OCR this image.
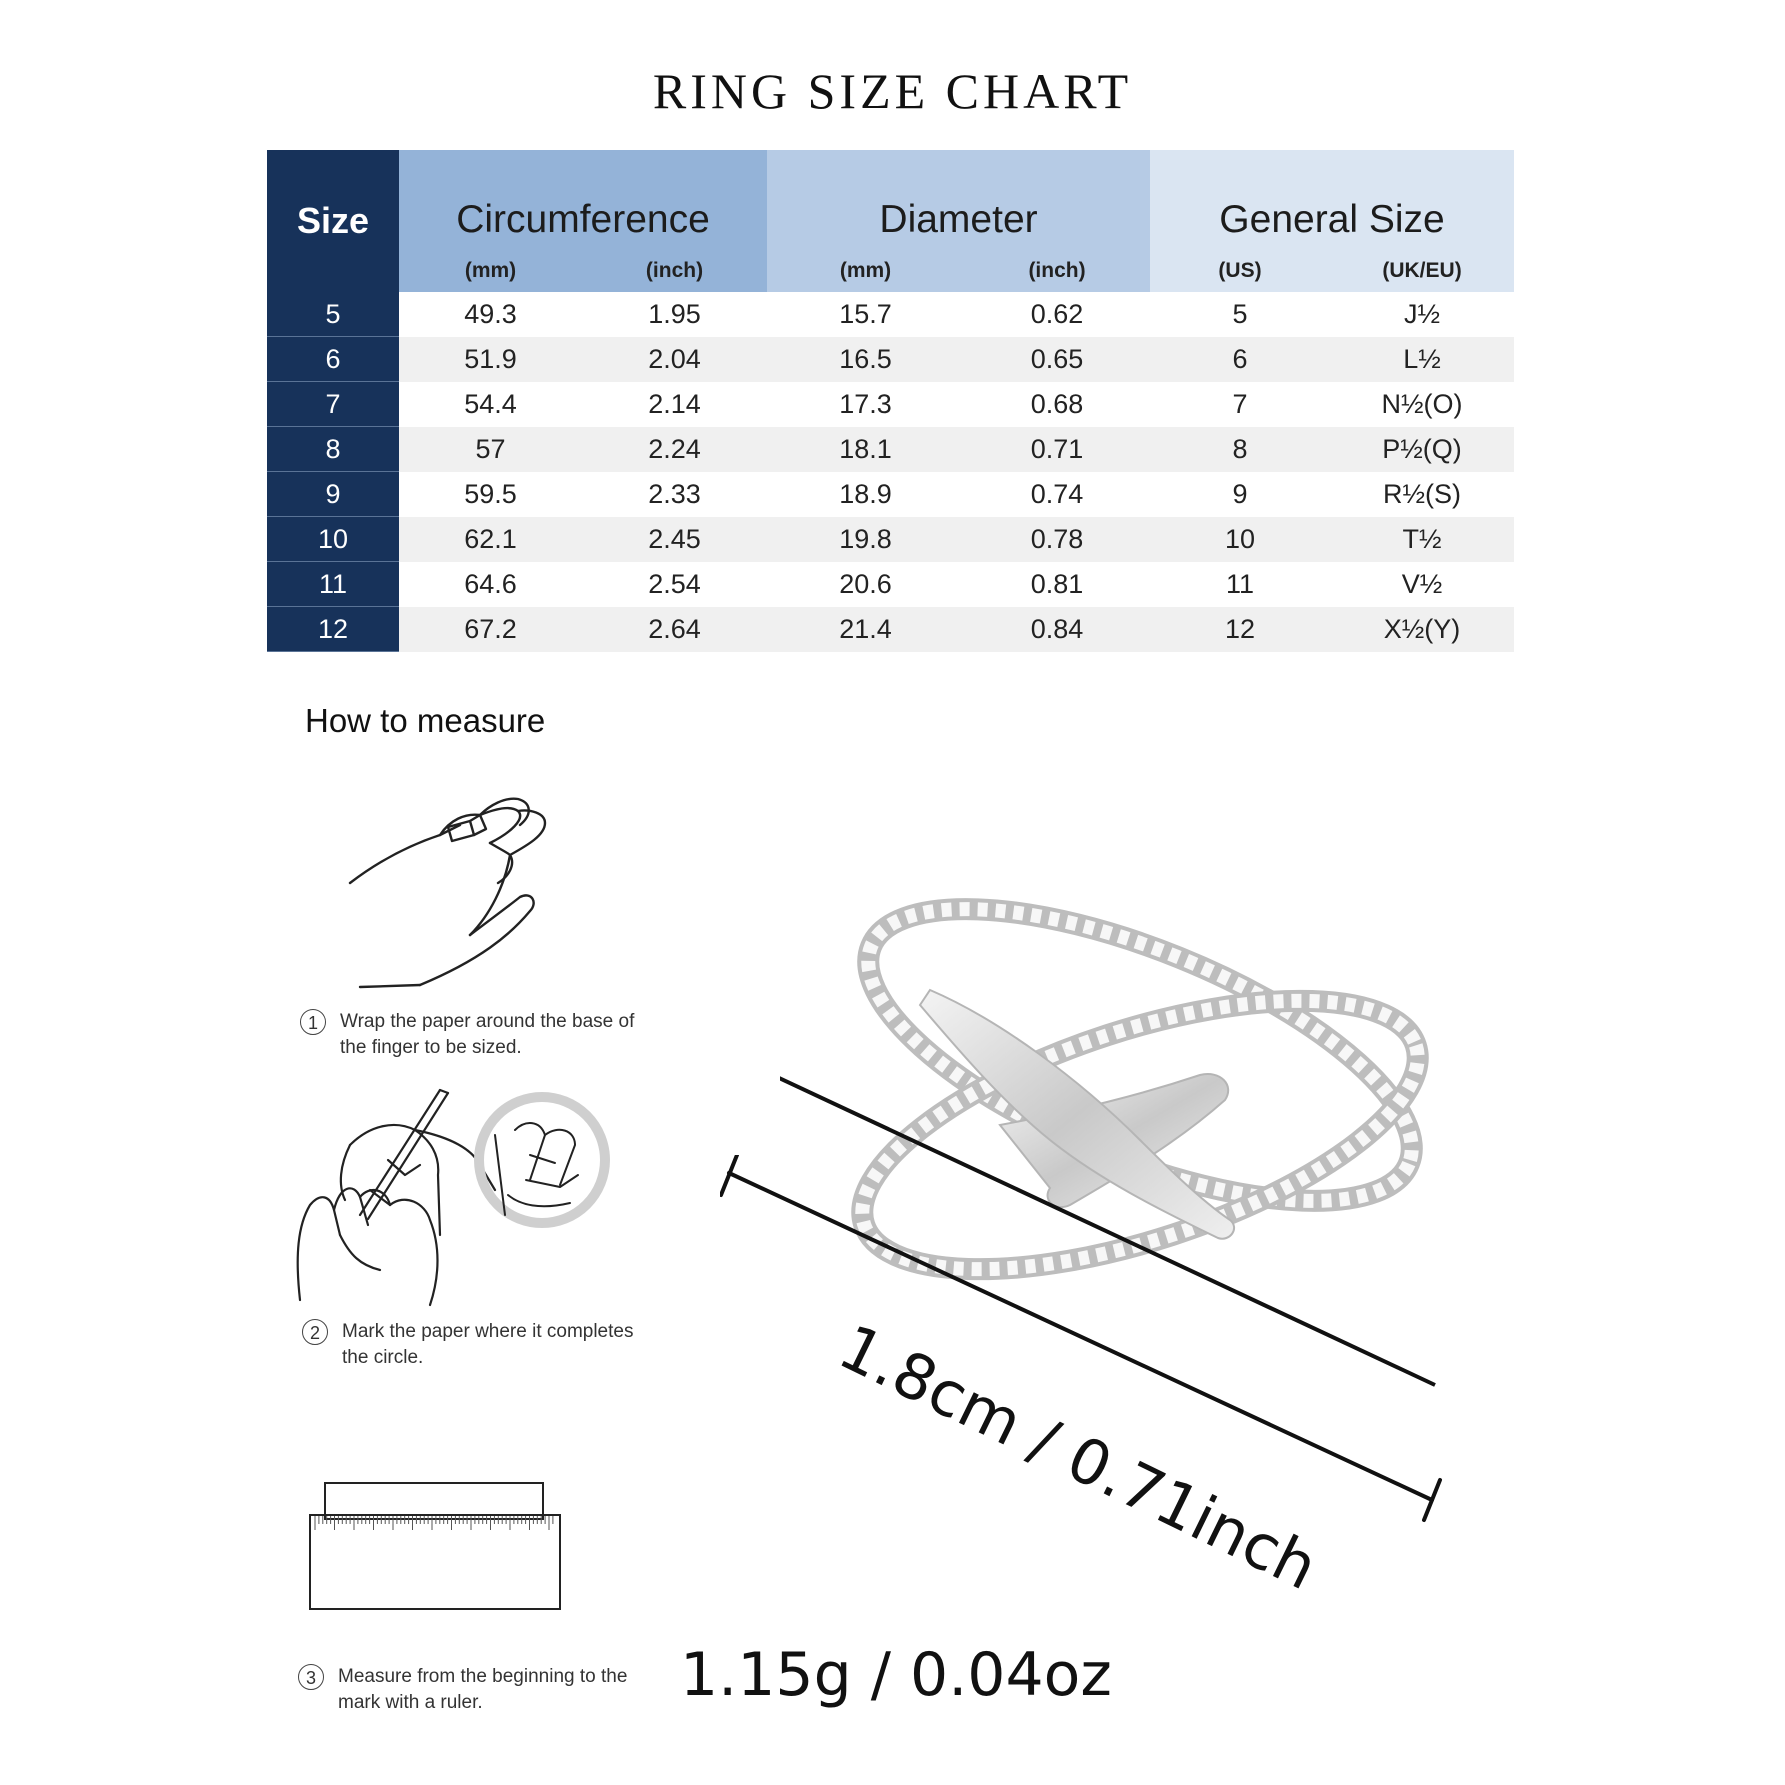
RING SIZE CHART
Size	Circumference		Diameter		General Size	
	(mm)	(inch)	(mm)	(inch)	(US)	(UK/EU)
5	49.3	1.95	15.7	0.62	5	J½
6	51.9	2.04	16.5	0.65	6	L½
7	54.4	2.14	17.3	0.68	7	N½(O)
8	57	2.24	18.1	0.71	8	P½(Q)
9	59.5	2.33	18.9	0.74	9	R½(S)
10	62.1	2.45	19.8	0.78	10	T½
11	64.6	2.54	20.6	0.81	11	V½
12	67.2	2.64	21.4	0.84	12	X½(Y)
How to measure
1	Wrap the paper around the base of the finger to be sized.
2	Mark the paper where it completes the circle.
3	Measure from the beginning to the mark with a ruler.
1.8cm / 0.71inch
1.15g / 0.04oz
